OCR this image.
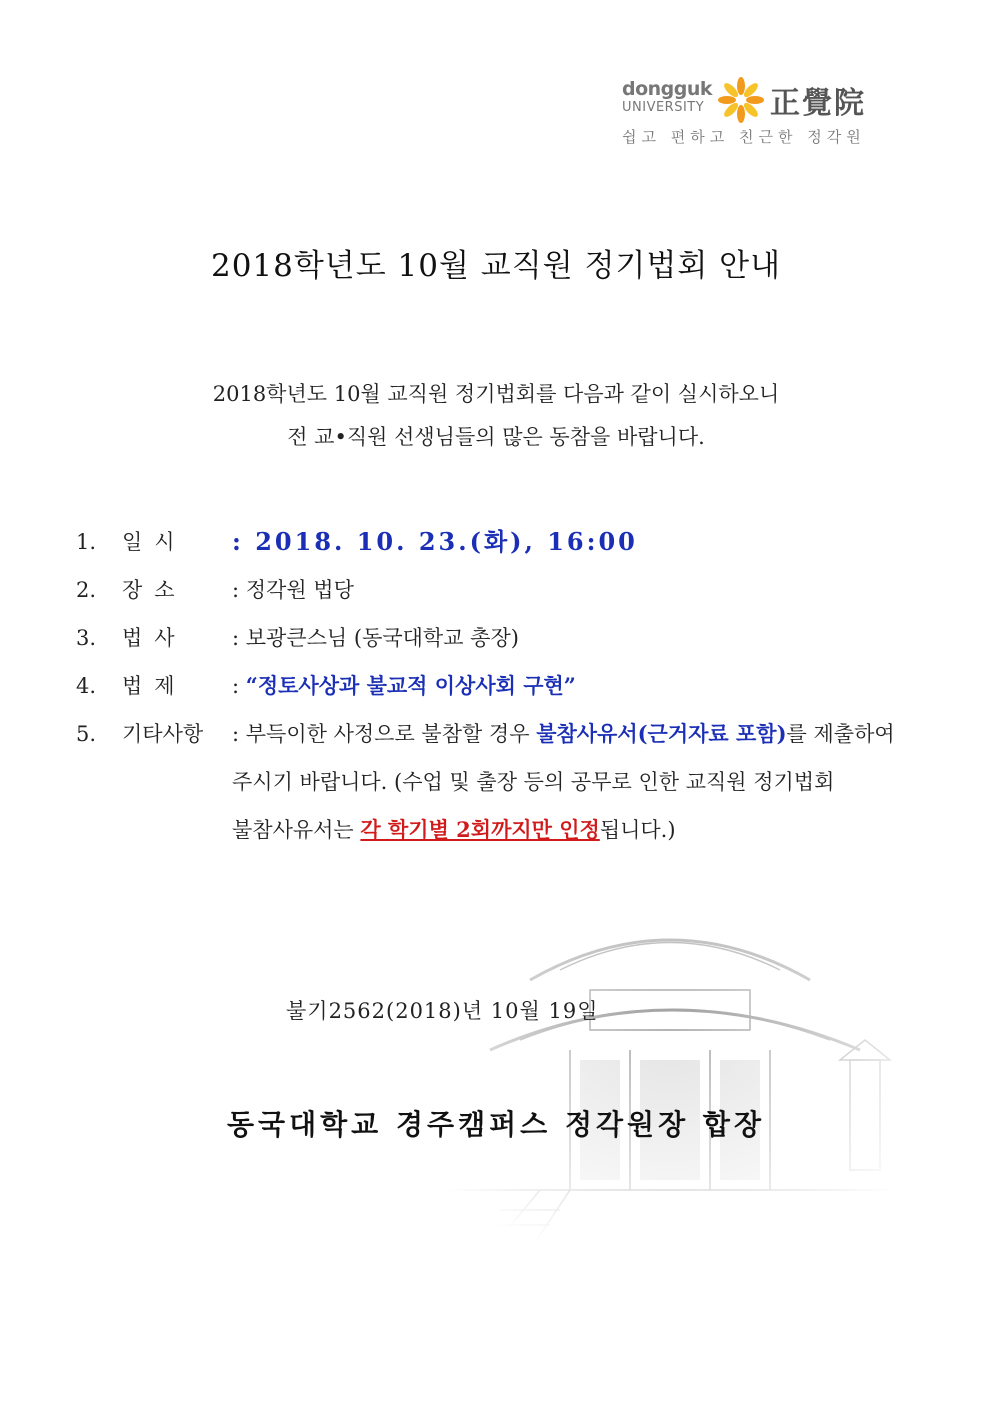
dongguk
UNIVERSITY 正覺院
쉽고 편하고 친근한 정각원
2018학년도 10월 교직원 정기법회 안내
2018학년도 10월 교직원 정기법회를 다음과 같이 실시하오니
전 교•직원 선생님들의 많은 동참을 바랍니다.
1. 일시	: 2018. 10. 23.(화), 16:00
2. 장소	: 정각원 법당
3. 법사	: 보광큰스님 (동국대학교 총장)
4. 법제	: “정토사상과 불교적 이상사회 구현”
5. 기타사항	: 부득이한 사정으로 불참할 경우 불참사유서(근거자료 포함)를 제출하여
주시기 바랍니다. (수업 및 출장 등의 공무로 인한 교직원 정기법회
불참사유서는 각 학기별 2회까지만 인정됩니다.)
불기2562(2018)년 10월 19일
동국대학교 경주캠퍼스 정각원장 합장
